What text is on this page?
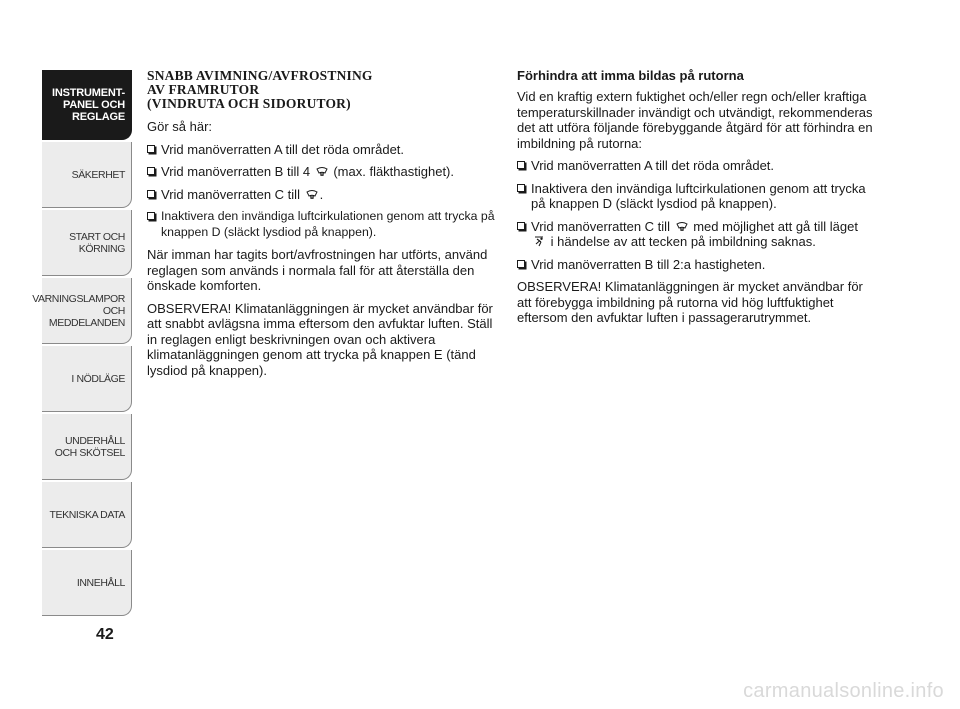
INSTRUMENT-
PANEL OCH
REGLAGE
SÄKERHET
START OCH
KÖRNING
VARNINGSLAMPOR
OCH
MEDDELANDEN
I NÖDLÄGE
UNDERHÅLL
OCH SKÖTSEL
TEKNISKA DATA
INNEHÅLL
42
SNABB AVIMNING/AVFROSTNING
AV FRAMRUTOR
(VINDRUTA OCH SIDORUTOR)

Gör så här:

Vrid manöverratten A till det röda området.
Vrid manöverratten B till 4 (max. fläkthastighet).
Vrid manöverratten C till .
Inaktivera den invändiga luftcirkulationen genom att trycka på knappen D (släckt lysdiod på knappen).

När imman har tagits bort/avfrostningen har utförts, använd reglagen som används i normala fall för att återställa den önskade komforten.

OBSERVERA! Klimatanläggningen är mycket användbar för att snabbt avlägsna imma eftersom den avfuktar luften. Ställ in reglagen enligt beskrivningen ovan och aktivera klimatanläggningen genom att trycka på knappen E (tänd lysdiod på knappen).

Förhindra att imma bildas på rutorna

Vid en kraftig extern fuktighet och/eller regn och/eller kraftiga temperaturskillnader invändigt och utvändigt, rekommenderas det att utföra följande förebyggande åtgärd för att förhindra en imbildning på rutorna:

Vrid manöverratten A till det röda området.
Inaktivera den invändiga luftcirkulationen genom att trycka på knappen D (släckt lysdiod på knappen).
Vrid manöverratten C till med möjlighet att gå till läget  i händelse av att tecken på imbildning saknas.
Vrid manöverratten B till 2:a hastigheten.

OBSERVERA! Klimatanläggningen är mycket användbar för att förebygga imbildning på rutorna vid hög luftfuktighet eftersom den avfuktar luften i passagerarutrymmet.

carmanualsonline.info
